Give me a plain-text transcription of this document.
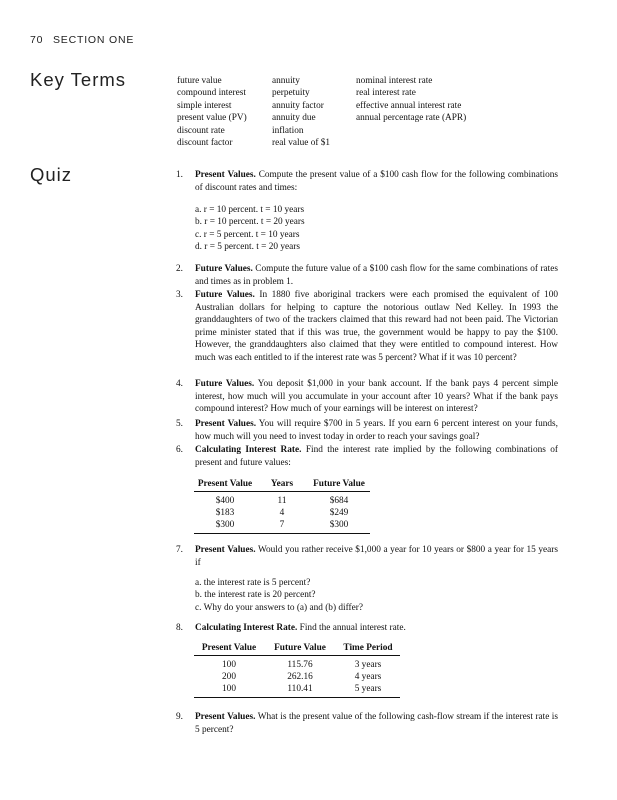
70 SECTION ONE
Key Terms	future value
compound interest
simple interest
present value (PV)
discount rate
discount factor
annuity
perpetuity
annuity factor
annuity due
inflation
real value of $1
nominal interest rate
real interest rate
effective annual interest rate
annual percentage rate (APR)
Quiz	1. Present Values. Compute the present value of a $100 cash flow for the following combinations of discount rates and times:
a. r = 10 percent. t = 10 years
b. r = 10 percent. t = 20 years
c. r = 5 percent. t = 10 years
d. r = 5 percent. t = 20 years
2. Future Values. Compute the future value of a $100 cash flow for the same combinations of rates and times as in problem 1.
3. Future Values. In 1880 five aboriginal trackers were each promised the equivalent of 100 Australian dollars for helping to capture the notorious outlaw Ned Kelley. In 1993 the granddaughters of two of the trackers claimed that this reward had not been paid. The Victorian prime minister stated that if this was true, the government would be happy to pay the $100. However, the granddaughters also claimed that they were entitled to compound interest. How much was each entitled to if the interest rate was 5 percent? What if it was 10 percent?
4. Future Values. You deposit $1,000 in your bank account. If the bank pays 4 percent simple interest, how much will you accumulate in your account after 10 years? What if the bank pays compound interest? How much of your earnings will be interest on interest?
5. Present Values. You will require $700 in 5 years. If you earn 6 percent interest on your funds, how much will you need to invest today in order to reach your savings goal?
6. Calculating Interest Rate. Find the interest rate implied by the following combinations of present and future values:
Present Value	Years	Future Value
$400	11	$684
$183	4	$249
$300	7	$300
7. Present Values. Would you rather receive $1,000 a year for 10 years or $800 a year for 15 years if
a. the interest rate is 5 percent?
b. the interest rate is 20 percent?
c. Why do your answers to (a) and (b) differ?
8. Calculating Interest Rate. Find the annual interest rate.
Present Value	Future Value	Time Period
100	115.76	3 years
200	262.16	4 years
100	110.41	5 years
9. Present Values. What is the present value of the following cash-flow stream if the interest rate is 5 percent?
